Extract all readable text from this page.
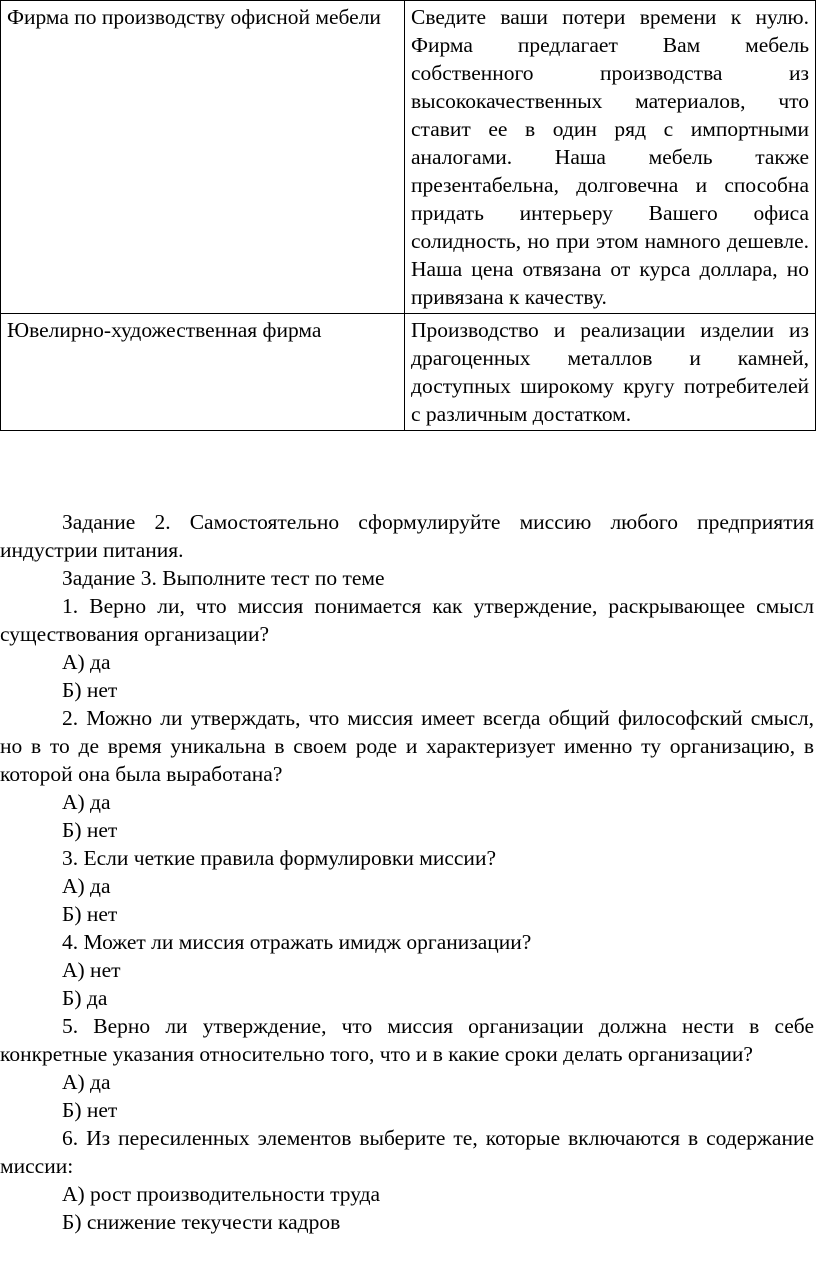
Фирма по производству офисной мебели	Сведите ваши потери времени к нулю. Фирма предлагает Вам мебель собственного производства из высококачественных материалов, что ставит ее в один ряд с импортными аналогами. Наша мебель также презентабельна, долговечна и способна придать интерьеру Вашего офиса солидность, но при этом намного дешевле. Наша цена отвязана от курса доллара, но привязана к качеству.
Ювелирно-художественная фирма	Производство и реализации изделии из драгоценных металлов и камней, доступных широкому кругу потребителей с различным достатком.

Задание 2. Самостоятельно сформулируйте миссию любого предприятия индустрии питания.

Задание 3. Выполните тест по теме

1. Верно ли, что миссия понимается как утверждение, раскрывающее смысл существования организации?

А) да

Б) нет

2. Можно ли утверждать, что миссия имеет всегда общий философский смысл, но в то де время уникальна в своем роде и характеризует именно ту организацию, в которой она была выработана?

А) да

Б) нет

3. Если четкие правила формулировки миссии?

А) да

Б) нет

4. Может ли миссия отражать имидж организации?

А) нет

Б) да

5. Верно ли утверждение, что миссия организации должна нести в себе конкретные указания относительно того, что и в какие сроки делать организации?

А) да

Б) нет

6. Из пересиленных элементов выберите те, которые включаются в содержание миссии:

А) рост производительности труда

Б) снижение текучести кадров
